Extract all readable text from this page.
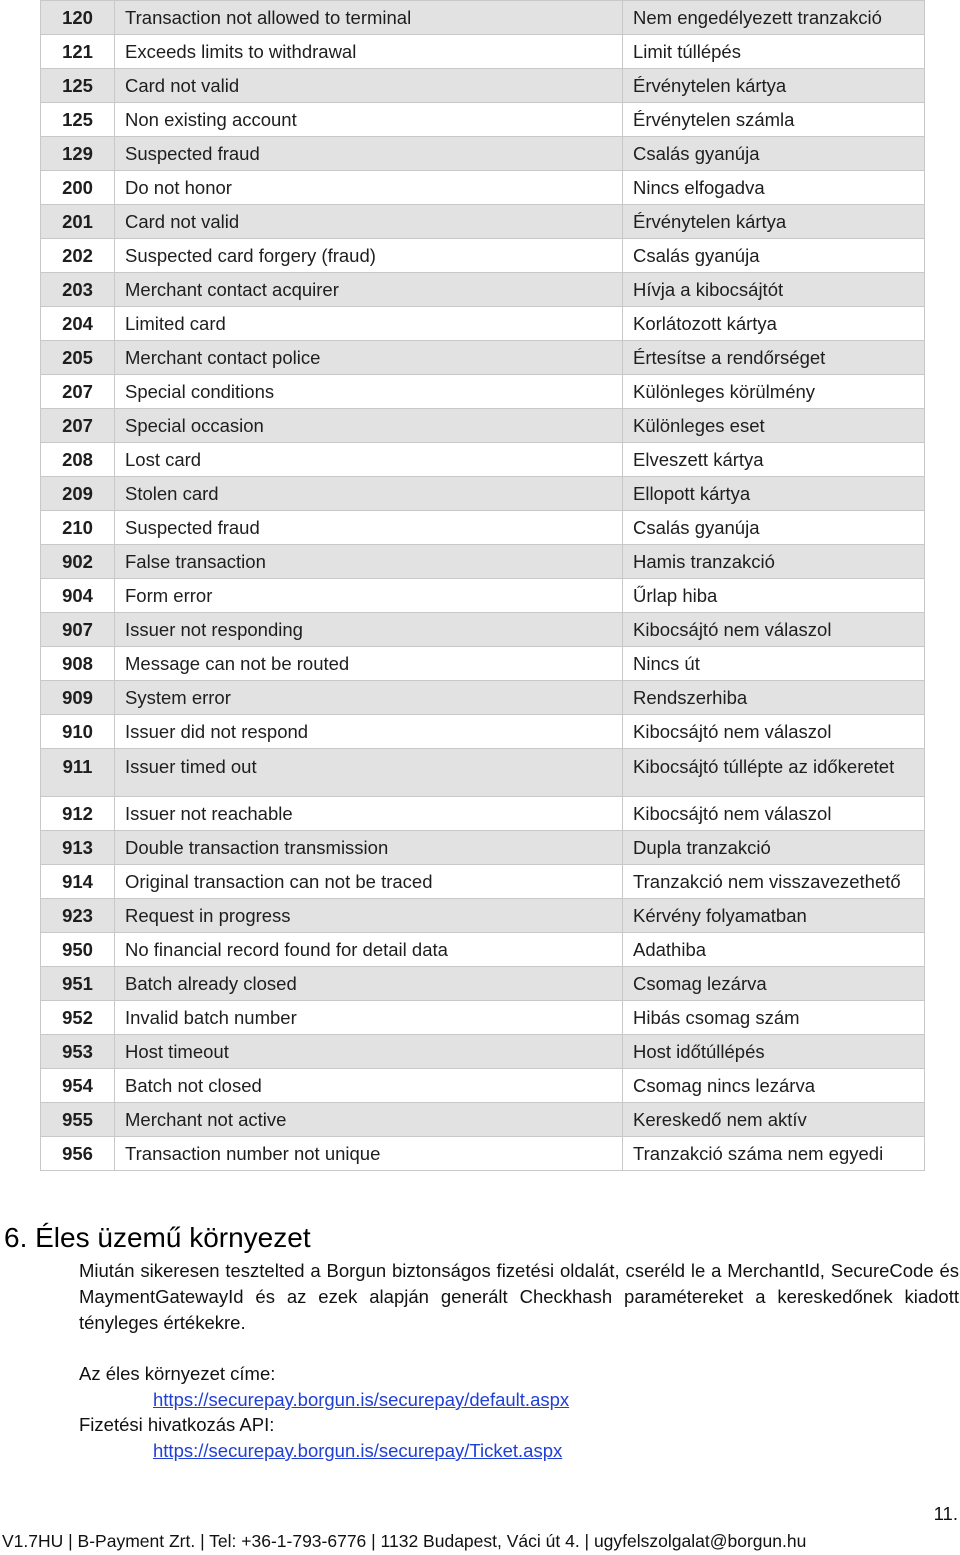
120	Transaction not allowed to terminal	Nem engedélyezett tranzakció
121	Exceeds limits to withdrawal	Limit túllépés
125	Card not valid	Érvénytelen kártya
125	Non existing account	Érvénytelen számla
129	Suspected fraud	Csalás gyanúja
200	Do not honor	Nincs elfogadva
201	Card not valid	Érvénytelen kártya
202	Suspected card forgery (fraud)	Csalás gyanúja
203	Merchant contact acquirer	Hívja a kibocsájtót
204	Limited card	Korlátozott kártya
205	Merchant contact police	Értesítse a rendőrséget
207	Special conditions	Különleges körülmény
207	Special occasion	Különleges eset
208	Lost card	Elveszett kártya
209	Stolen card	Ellopott kártya
210	Suspected fraud	Csalás gyanúja
902	False transaction	Hamis tranzakció
904	Form error	Űrlap hiba
907	Issuer not responding	Kibocsájtó nem válaszol
908	Message can not be routed	Nincs út
909	System error	Rendszerhiba
910	Issuer did not respond	Kibocsájtó nem válaszol
911	Issuer timed out	Kibocsájtó túllépte az időkeretet
912	Issuer not reachable	Kibocsájtó nem válaszol
913	Double transaction transmission	Dupla tranzakció
914	Original transaction can not be traced	Tranzakció nem visszavezethető
923	Request in progress	Kérvény folyamatban
950	No financial record found for detail data	Adathiba
951	Batch already closed	Csomag lezárva
952	Invalid batch number	Hibás csomag szám
953	Host timeout	Host időtúllépés
954	Batch not closed	Csomag nincs lezárva
955	Merchant not active	Kereskedő nem aktív
956	Transaction number not unique	Tranzakció száma nem egyedi
6. Éles üzemű környezet

Miután sikeresen tesztelted a Borgun biztonságos fizetési oldalát, cseréld le a MerchantId, SecureCode és MaymentGatewayId és az ezek alapján generált Checkhash paramétereket a kereskedőnek kiadott tényleges értékekre.

Az éles környezet címe:
https://securepay.borgun.is/securepay/default.aspx
Fizetési hivatkozás API:
https://securepay.borgun.is/securepay/Ticket.aspx
11.
V1.7HU | B-Payment Zrt. | Tel: +36-1-793-6776 | 1132 Budapest, Váci út 4. | ugyfelszolgalat@borgun.hu
